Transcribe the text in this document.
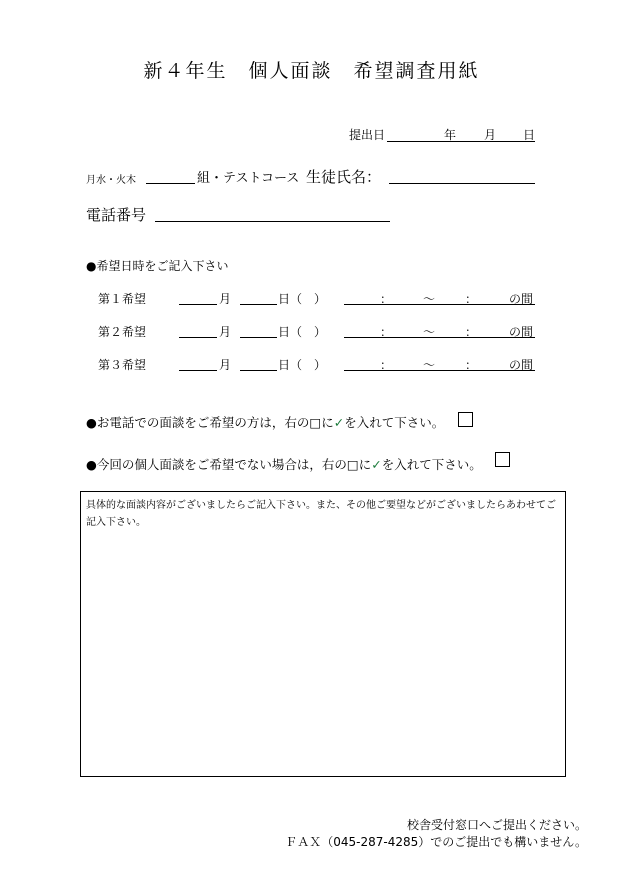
新４年生　個人面談　希望調査用紙
提出日	年 月 日
月水・火木	組・テストコース 生徒氏名：
電話番号
●希望日時をご記入下さい
第１希望	月	日（　）	：	〜 ：	の間
第２希望	月	日（　）	：	〜 ：	の間
第３希望	月	日（　）	：	〜 ：	の間
●お電話での面談をご希望の方は，右の□に✓を入れて下さい。
●今回の個人面談をご希望でない場合は，右の□に✓を入れて下さい。
具体的な面談内容がございましたらご記入下さい。また、その他ご要望などがございましたらあわせてご記入下さい。
校舎受付窓口へご提出ください。
ＦＡＸ（045-287-4285）でのご提出でも構いません。
